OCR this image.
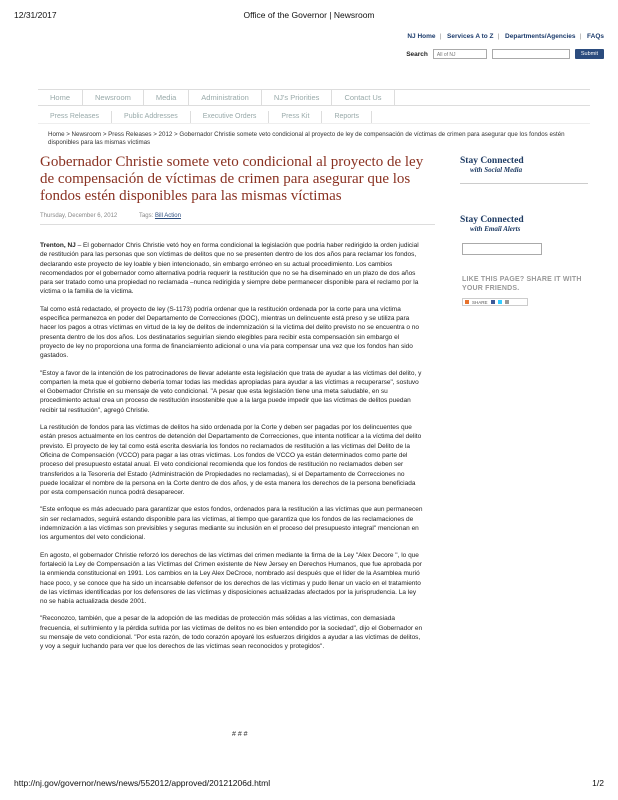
12/31/2017	Office of the Governor | Newsroom
NJ Home | Services A to Z | Departments/Agencies | FAQs
Search	All of NJ	Submit
Home	Newsroom	Media	Administration	NJ's Priorities	Contact Us
Press Releases	Public Addresses	Executive Orders	Press Kit	Reports
Home > Newsroom > Press Releases > 2012 > Gobernador Christie somete veto condicional al proyecto de ley de compensación de víctimas de crimen para asegurar que los fondos estén disponibles para las mismas víctimas
Gobernador Christie somete veto condicional al proyecto de ley de compensación de víctimas de crimen para asegurar que los fondos estén disponibles para las mismas víctimas
Thursday, December 6, 2012	Tags: Bill Action

Trenton, NJ – El gobernador Chris Christie vetó hoy en forma condicional la legislación que podría haber redirigido la orden judicial de restitución para las personas que son víctimas de delitos que no se presenten dentro de los dos años para reclamar los fondos, declarando este proyecto de ley loable y bien intencionado, sin embargo erróneo en su actual procedimiento. Los cambios recomendados por el gobernador como alternativa podría requerir la restitución que no se ha diseminado en un plazo de dos años para ser tratado como una propiedad no reclamada –nunca redirigida y siempre debe permanecer disponible para el reclamo por la víctima o la familia de la víctima.

Tal como está redactado, el proyecto de ley (S-1173) podría ordenar que la restitución ordenada por la corte para una víctima específica permanezca en poder del Departamento de Correcciones (DOC), mientras un delincuente está preso y se utiliza para hacer los pagos a otras víctimas en virtud de la ley de delitos de indemnización si la víctima del delito previsto no se encuentra o no presenta dentro de los dos años. Los destinatarios seguirían siendo elegibles para recibir esta compensación sin embargo el proyecto de ley no proporciona una forma de financiamiento adicional o una vía para compensar una vez que los fondos han sido gastados.

"Estoy a favor de la intención de los patrocinadores de llevar adelante esta legislación que trata de ayudar a las víctimas del delito, y comparten la meta que el gobierno debería tomar todas las medidas apropiadas para ayudar a las víctimas a recuperarse", sostuvo el Gobernador Christie en su mensaje de veto condicional. "A pesar que esta legislación tiene una meta saludable, en su procedimiento actual crea un proceso de restitución insostenible que a la larga puede impedir que las víctimas de delitos puedan recibir tal restitución", agregó Christie.

La restitución de fondos para las víctimas de delitos ha sido ordenada por la Corte y deben ser pagadas por los delincuentes que están presos actualmente en los centros de detención del Departamento de Correcciones, que intenta notificar a la víctima del delito previsto. El proyecto de ley tal como está escrita desviaría los fondos no reclamados de restitución a las víctimas del Delito de la Oficina de Compensación (VCCO) para pagar a las otras víctimas. Los fondos de VCCO ya están determinados como parte del proceso del presupuesto estatal anual. El veto condicional recomienda que los fondos de restitución no reclamados deben ser transferidos a la Tesorería del Estado (Administración de Propiedades no reclamadas), si el Departamento de Correcciones no puede localizar el nombre de la persona en la Corte dentro de dos años, y de esta manera los derechos de la persona beneficiada por esta compensación nunca podrá desaparecer.

"Este enfoque es más adecuado para garantizar que estos fondos, ordenados para la restitución a las víctimas que aun permanecen sin ser reclamados, seguirá estando disponible para las víctimas, al tiempo que garantiza que los fondos de las reclamaciones de indemnización a las víctimas son previsibles y seguras mediante su inclusión en el proceso del presupuesto integral" mencionan en los argumentos del veto condicional.

En agosto, el gobernador Christie reforzó los derechos de las víctimas del crimen mediante la firma de la Ley "Alex Decore ", lo que fortaleció la Ley de Compensación a las Víctimas del Crimen existente de New Jersey en Derechos Humanos, que fue aprobada por la enmienda constitucional en 1991. Los cambios en la Ley Alex DeCroce, nombrado así después que el líder de la Asamblea murió hace poco, y se conoce que ha sido un incansable defensor de los derechos de las víctimas y pudo llenar un vacío en el tratamiento de las víctimas identificadas por los defensores de las víctimas y disposiciones actualizadas afectados por la jurisprudencia. La ley no se había actualizada desde 2001.

"Reconozco, también, que a pesar de la adopción de las medidas de protección más sólidas a las víctimas, con demasiada frecuencia, el sufrimiento y la pérdida sufrida por las víctimas de delitos no es bien entendido por la sociedad", dijo el Gobernador en su mensaje de veto condicional. "Por esta razón, de todo corazón apoyaré los esfuerzos dirigidos a ayudar a las víctimas de delitos, y voy a seguir luchando para ver que los derechos de las víctimas sean reconocidos y protegidos".

# # #
Stay Connected
with Social Media
Stay Connected
with Email Alerts
LIKE THIS PAGE? SHARE IT WITH YOUR FRIENDS.
SHARE
http://nj.gov/governor/news/news/552012/approved/20121206d.html	1/2
